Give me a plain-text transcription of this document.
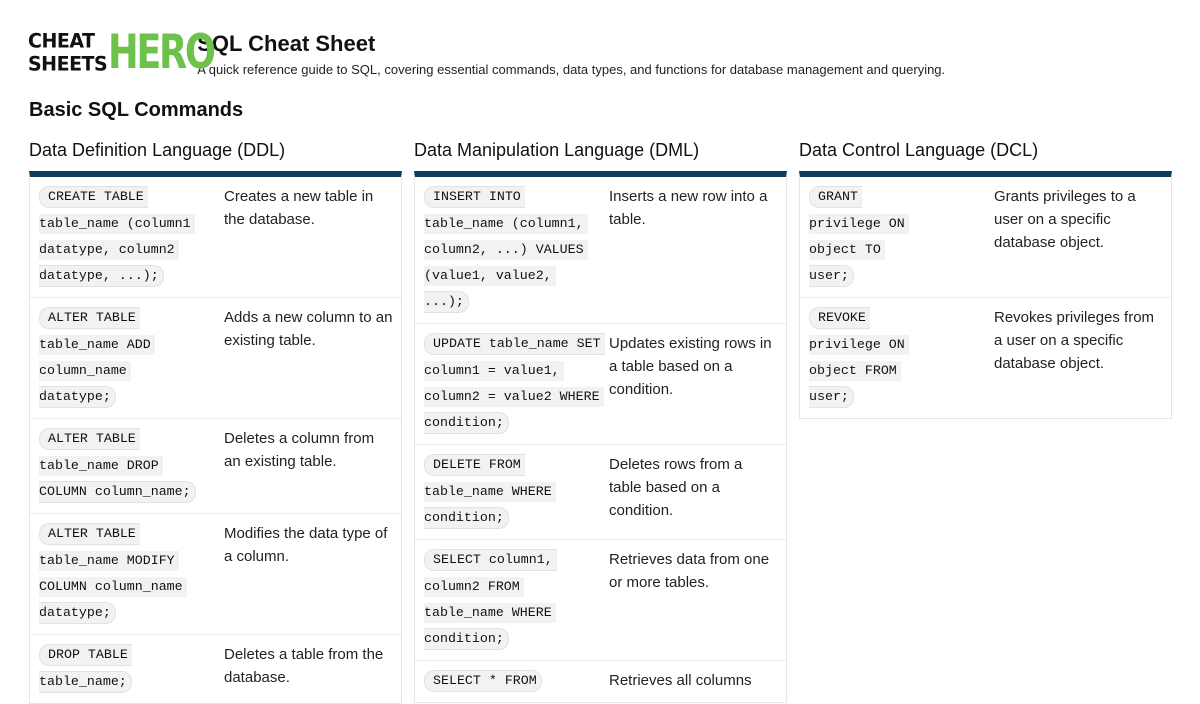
CHEAT
SHEETS HERO
SQL Cheat Sheet
A quick reference guide to SQL, covering essential commands, data types, and functions for database management and querying.
Basic SQL Commands
Data Definition Language (DDL)
CREATE TABLE
table_name (column1
datatype, column2
datatype, ...);

Creates a new table in the database.
ALTER TABLE
table_name ADD
column_name
datatype;

Adds a new column to an existing table.
ALTER TABLE
table_name DROP
COLUMN column_name;

Deletes a column from an existing table.
ALTER TABLE
table_name MODIFY
COLUMN column_name
datatype;

Modifies the data type of a column.
DROP TABLE
table_name;

Deletes a table from the database.
Data Manipulation Language (DML)
INSERT INTO
table_name (column1,
column2, ...) VALUES
(value1, value2,
...);

Inserts a new row into a table.
UPDATE table_name SET
column1 = value1,
column2 = value2 WHERE
condition;

Updates existing rows in a table based on a condition.
DELETE FROM
table_name WHERE
condition;

Deletes rows from a table based on a condition.
SELECT column1,
column2 FROM
table_name WHERE
condition;

Retrieves data from one or more tables.
SELECT * FROM	Retrieves all columns
Data Control Language (DCL)
GRANT
privilege ON
object TO
user;

Grants privileges to a user on a specific database object.
REVOKE
privilege ON
object FROM
user;

Revokes privileges from a user on a specific database object.
